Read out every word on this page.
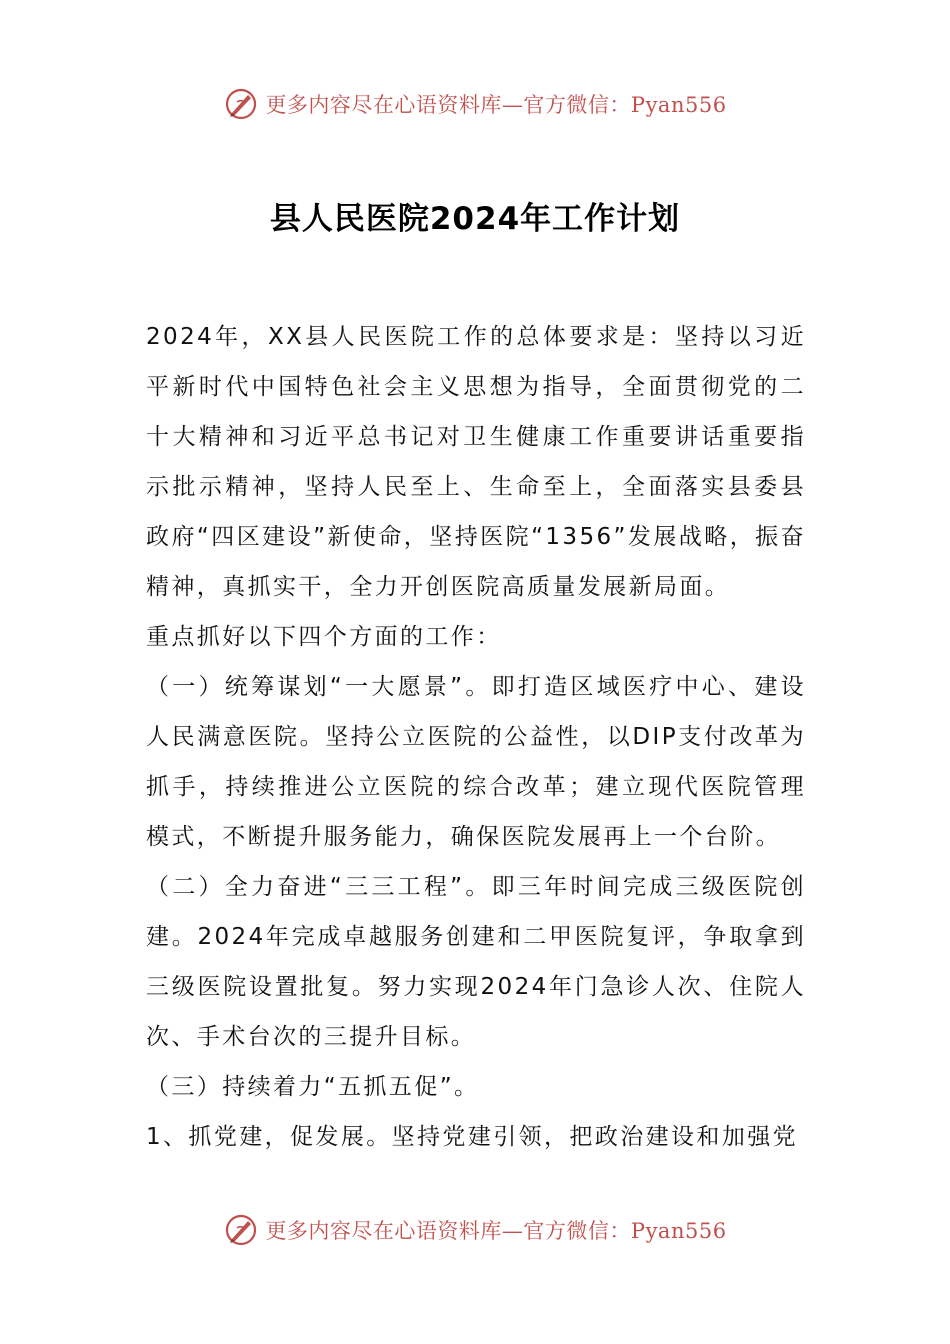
更多内容尽在心语资料库—官方微信：Pyan556
县人民医院2024年工作计划

2024年，XX县人民医院工作的总体要求是：坚持以习近平新时代中国特色社会主义思想为指导，全面贯彻党的二十大精神和习近平总书记对卫生健康工作重要讲话重要指示批示精神，坚持人民至上、生命至上，全面落实县委县政府“四区建设”新使命，坚持医院“1356”发展战略，振奋精神，真抓实干，全力开创医院高质量发展新局面。

重点抓好以下四个方面的工作：

（一）统筹谋划“一大愿景”。即打造区域医疗中心、建设人民满意医院。坚持公立医院的公益性，以DIP支付改革为抓手，持续推进公立医院的综合改革；建立现代医院管理模式，不断提升服务能力，确保医院发展再上一个台阶。

（二）全力奋进“三三工程”。即三年时间完成三级医院创建。2024年完成卓越服务创建和二甲医院复评，争取拿到三级医院设置批复。努力实现2024年门急诊人次、住院人次、手术台次的三提升目标。

（三）持续着力“五抓五促”。

1、抓党建，促发展。坚持党建引领，把政治建设和加强党

更多内容尽在心语资料库—官方微信：Pyan556
